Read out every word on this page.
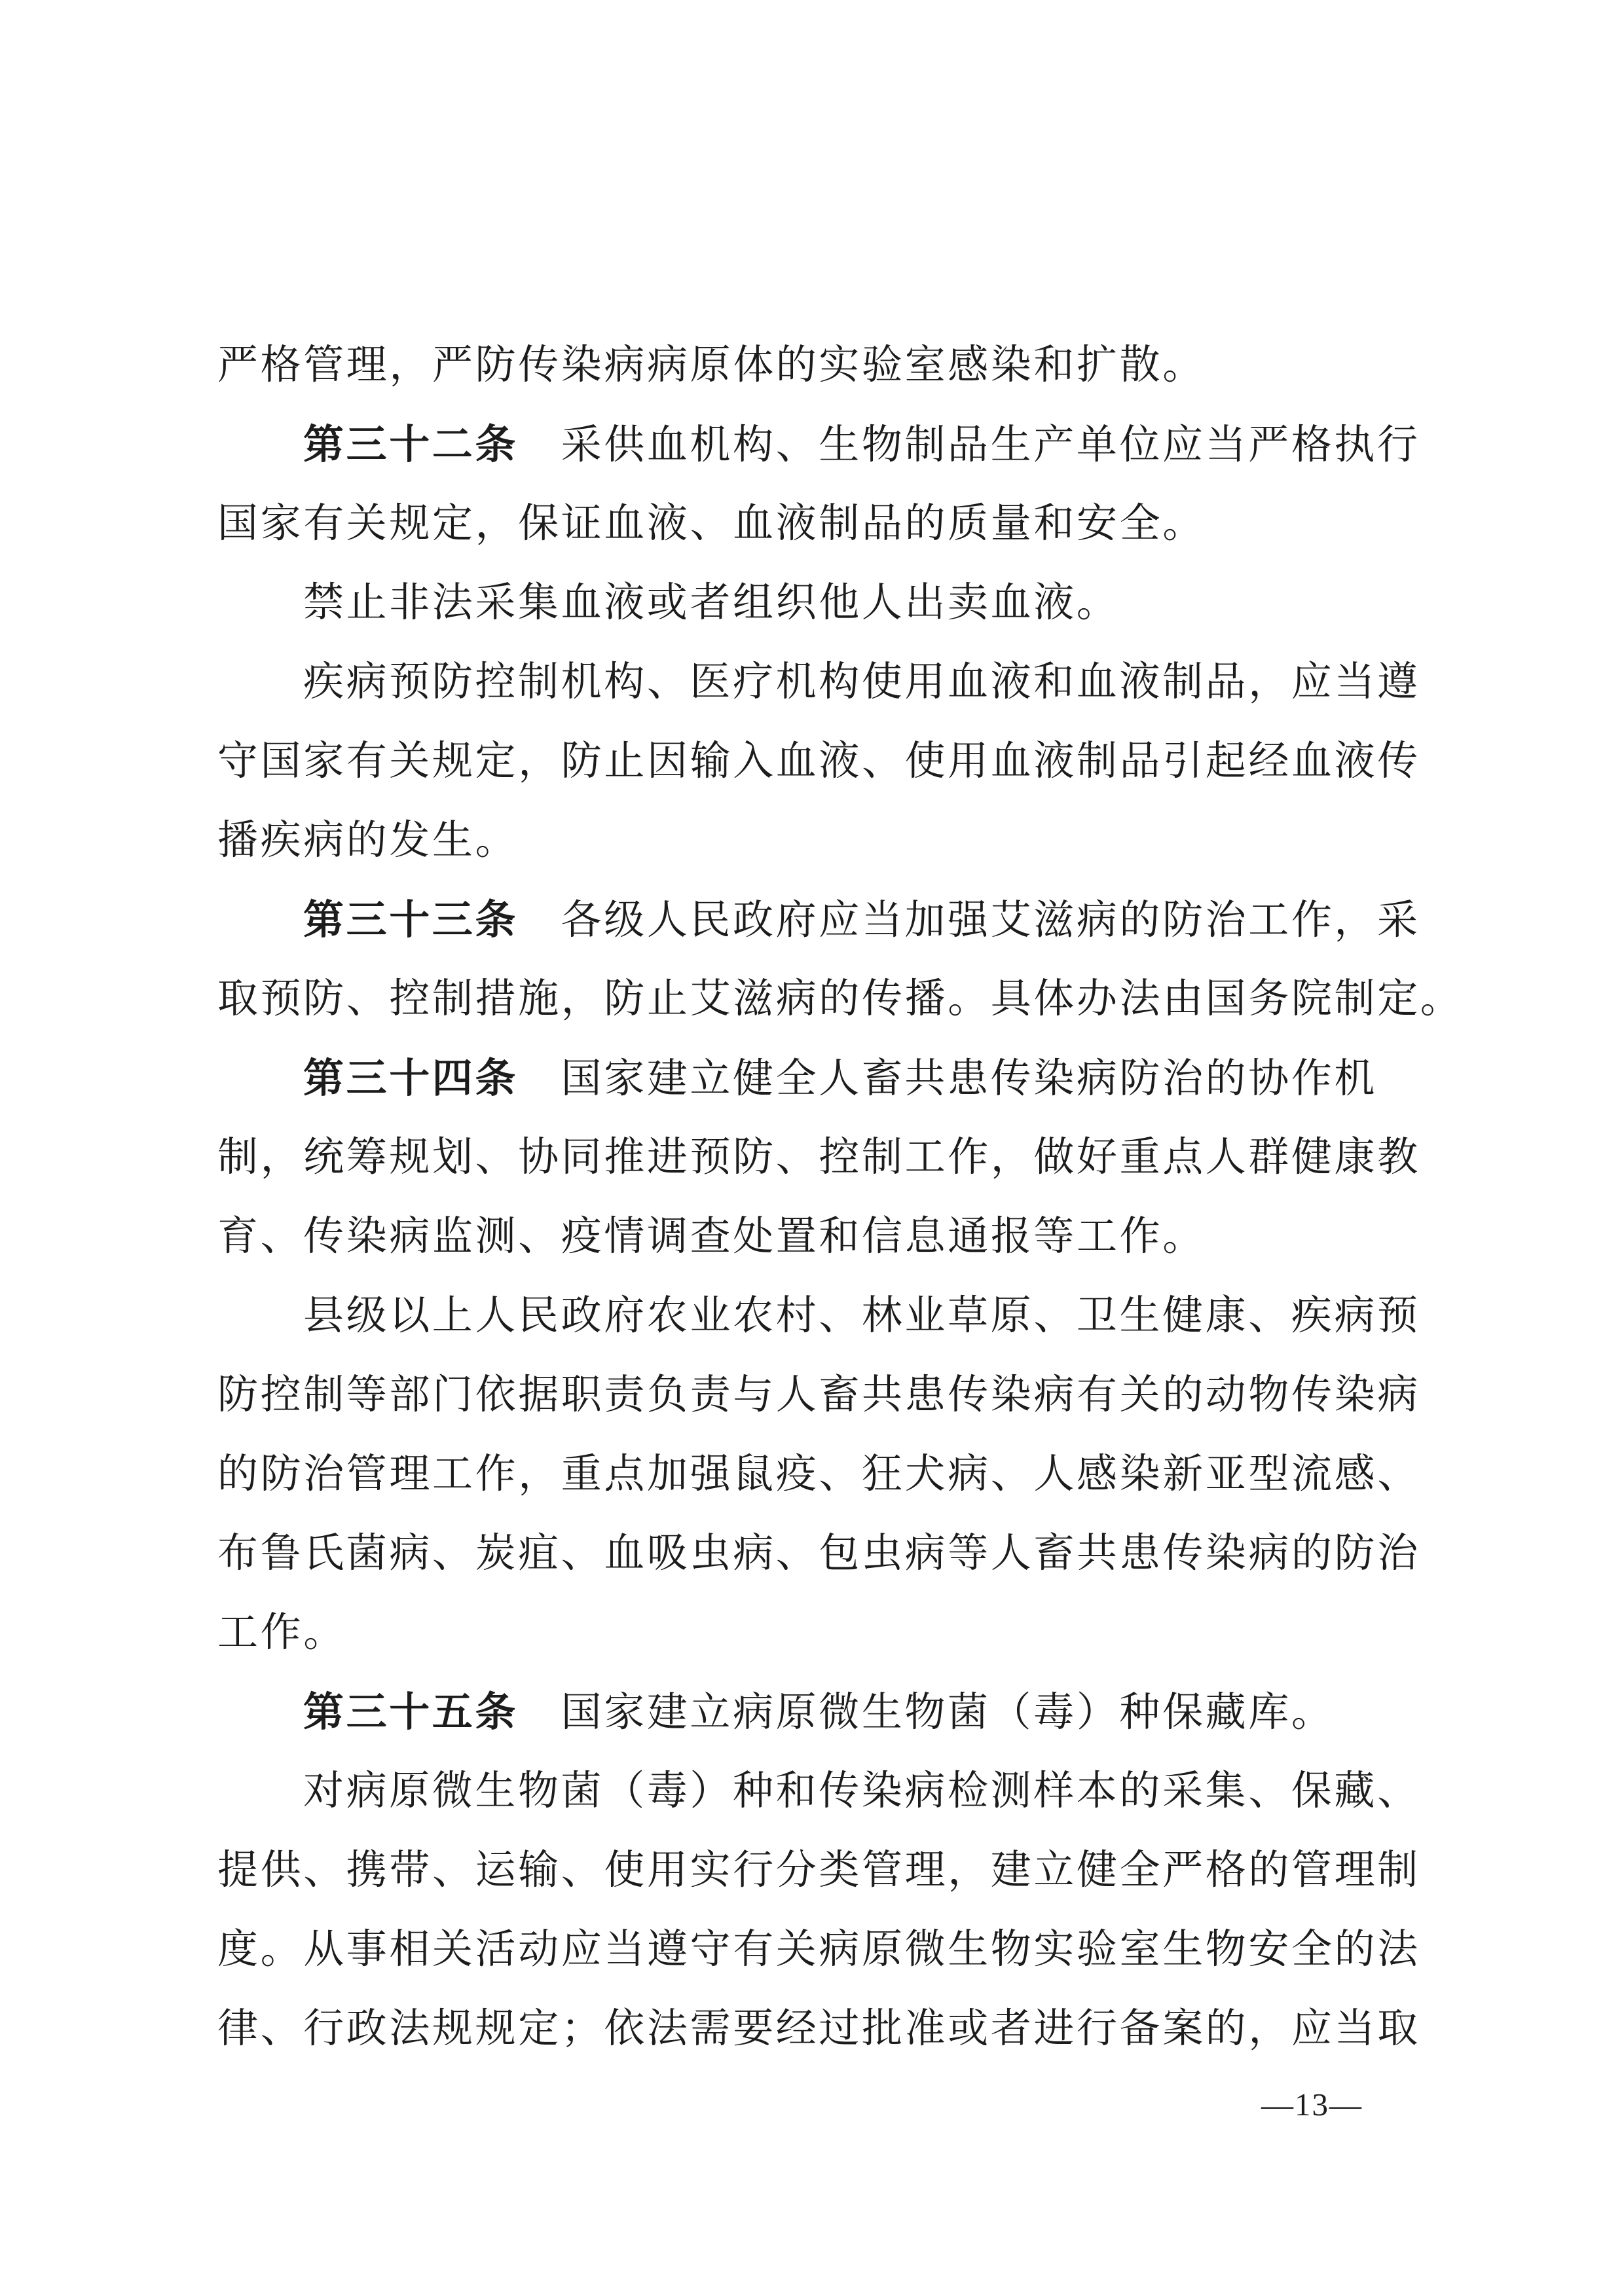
严格管理，严防传染病病原体的实验室感染和扩散。
第三十二条　采供血机构、生物制品生产单位应当严格执行
国家有关规定，保证血液、血液制品的质量和安全。
禁止非法采集血液或者组织他人出卖血液。
疾病预防控制机构、医疗机构使用血液和血液制品，应当遵
守国家有关规定，防止因输入血液、使用血液制品引起经血液传
播疾病的发生。
第三十三条　各级人民政府应当加强艾滋病的防治工作，采
取预防、控制措施，防止艾滋病的传播。具体办法由国务院制定。
第三十四条　国家建立健全人畜共患传染病防治的协作机
制，统筹规划、协同推进预防、控制工作，做好重点人群健康教
育、传染病监测、疫情调查处置和信息通报等工作。
县级以上人民政府农业农村、林业草原、卫生健康、疾病预
防控制等部门依据职责负责与人畜共患传染病有关的动物传染病
的防治管理工作，重点加强鼠疫、狂犬病、人感染新亚型流感、
布鲁氏菌病、炭疽、血吸虫病、包虫病等人畜共患传染病的防治
工作。
第三十五条　国家建立病原微生物菌（毒）种保藏库。
对病原微生物菌（毒）种和传染病检测样本的采集、保藏、
提供、携带、运输、使用实行分类管理，建立健全严格的管理制
度。从事相关活动应当遵守有关病原微生物实验室生物安全的法
律、行政法规规定；依法需要经过批准或者进行备案的，应当取
—13—
